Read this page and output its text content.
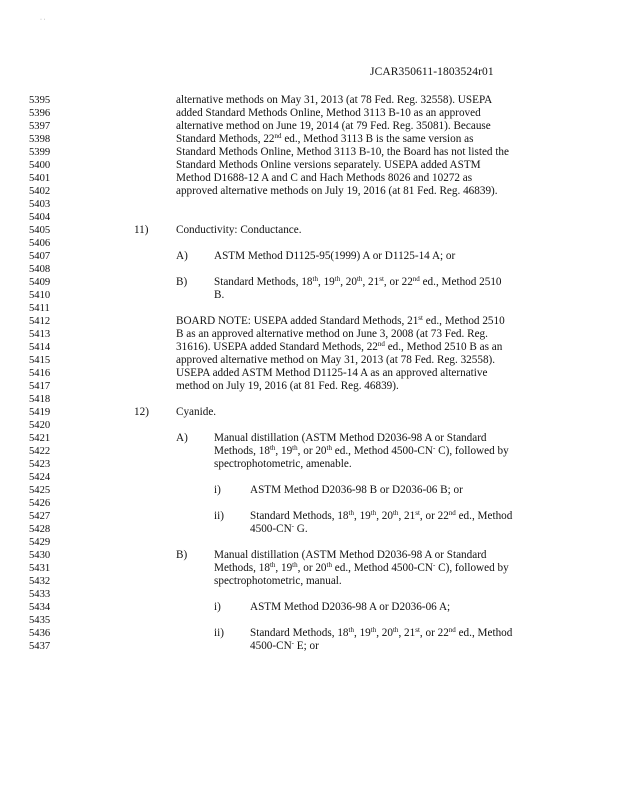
· ·
JCAR350611-1803524r01
5395
5396
5397
5398
5399
5400
5401
5402
5403
5404
5405
5406
5407
5408
5409
5410
5411
5412
5413
5414
5415
5416
5417
5418
5419
5420
5421
5422
5423
5424
5425
5426
5427
5428
5429
5430
5431
5432
5433
5434
5435
5436
5437
alternative methods on May 31, 2013 (at 78 Fed. Reg. 32558). USEPA
added Standard Methods Online, Method 3113 B-10 as an approved
alternative method on June 19, 2014 (at 79 Fed. Reg. 35081). Because
Standard Methods, 22nd ed., Method 3113 B is the same version as
Standard Methods Online, Method 3113 B-10, the Board has not listed the
Standard Methods Online versions separately. USEPA added ASTM
Method D1688-12 A and C and Hach Methods 8026 and 10272 as
approved alternative methods on July 19, 2016 (at 81 Fed. Reg. 46839).
11) Conductivity: Conductance.
A) ASTM Method D1125-95(1999) A or D1125-14 A; or
B) Standard Methods, 18th, 19th, 20th, 21st, or 22nd ed., Method 2510
B.
BOARD NOTE: USEPA added Standard Methods, 21st ed., Method 2510
B as an approved alternative method on June 3, 2008 (at 73 Fed. Reg.
31616). USEPA added Standard Methods, 22nd ed., Method 2510 B as an
approved alternative method on May 31, 2013 (at 78 Fed. Reg. 32558).
USEPA added ASTM Method D1125-14 A as an approved alternative
method on July 19, 2016 (at 81 Fed. Reg. 46839).
12) Cyanide.
A) Manual distillation (ASTM Method D2036-98 A or Standard
Methods, 18th, 19th, or 20th ed., Method 4500-CN- C), followed by
spectrophotometric, amenable.
i)	ASTM Method D2036-98 B or D2036-06 B; or
ii) Standard Methods, 18th, 19th, 20th, 21st, or 22nd ed., Method
4500-CN- G.
B) Manual distillation (ASTM Method D2036-98 A or Standard
Methods, 18th, 19th, or 20th ed., Method 4500-CN- C), followed by
spectrophotometric, manual.
i)	ASTM Method D2036-98 A or D2036-06 A;
ii) Standard Methods, 18th, 19th, 20th, 21st, or 22nd ed., Method
4500-CN- E; or
